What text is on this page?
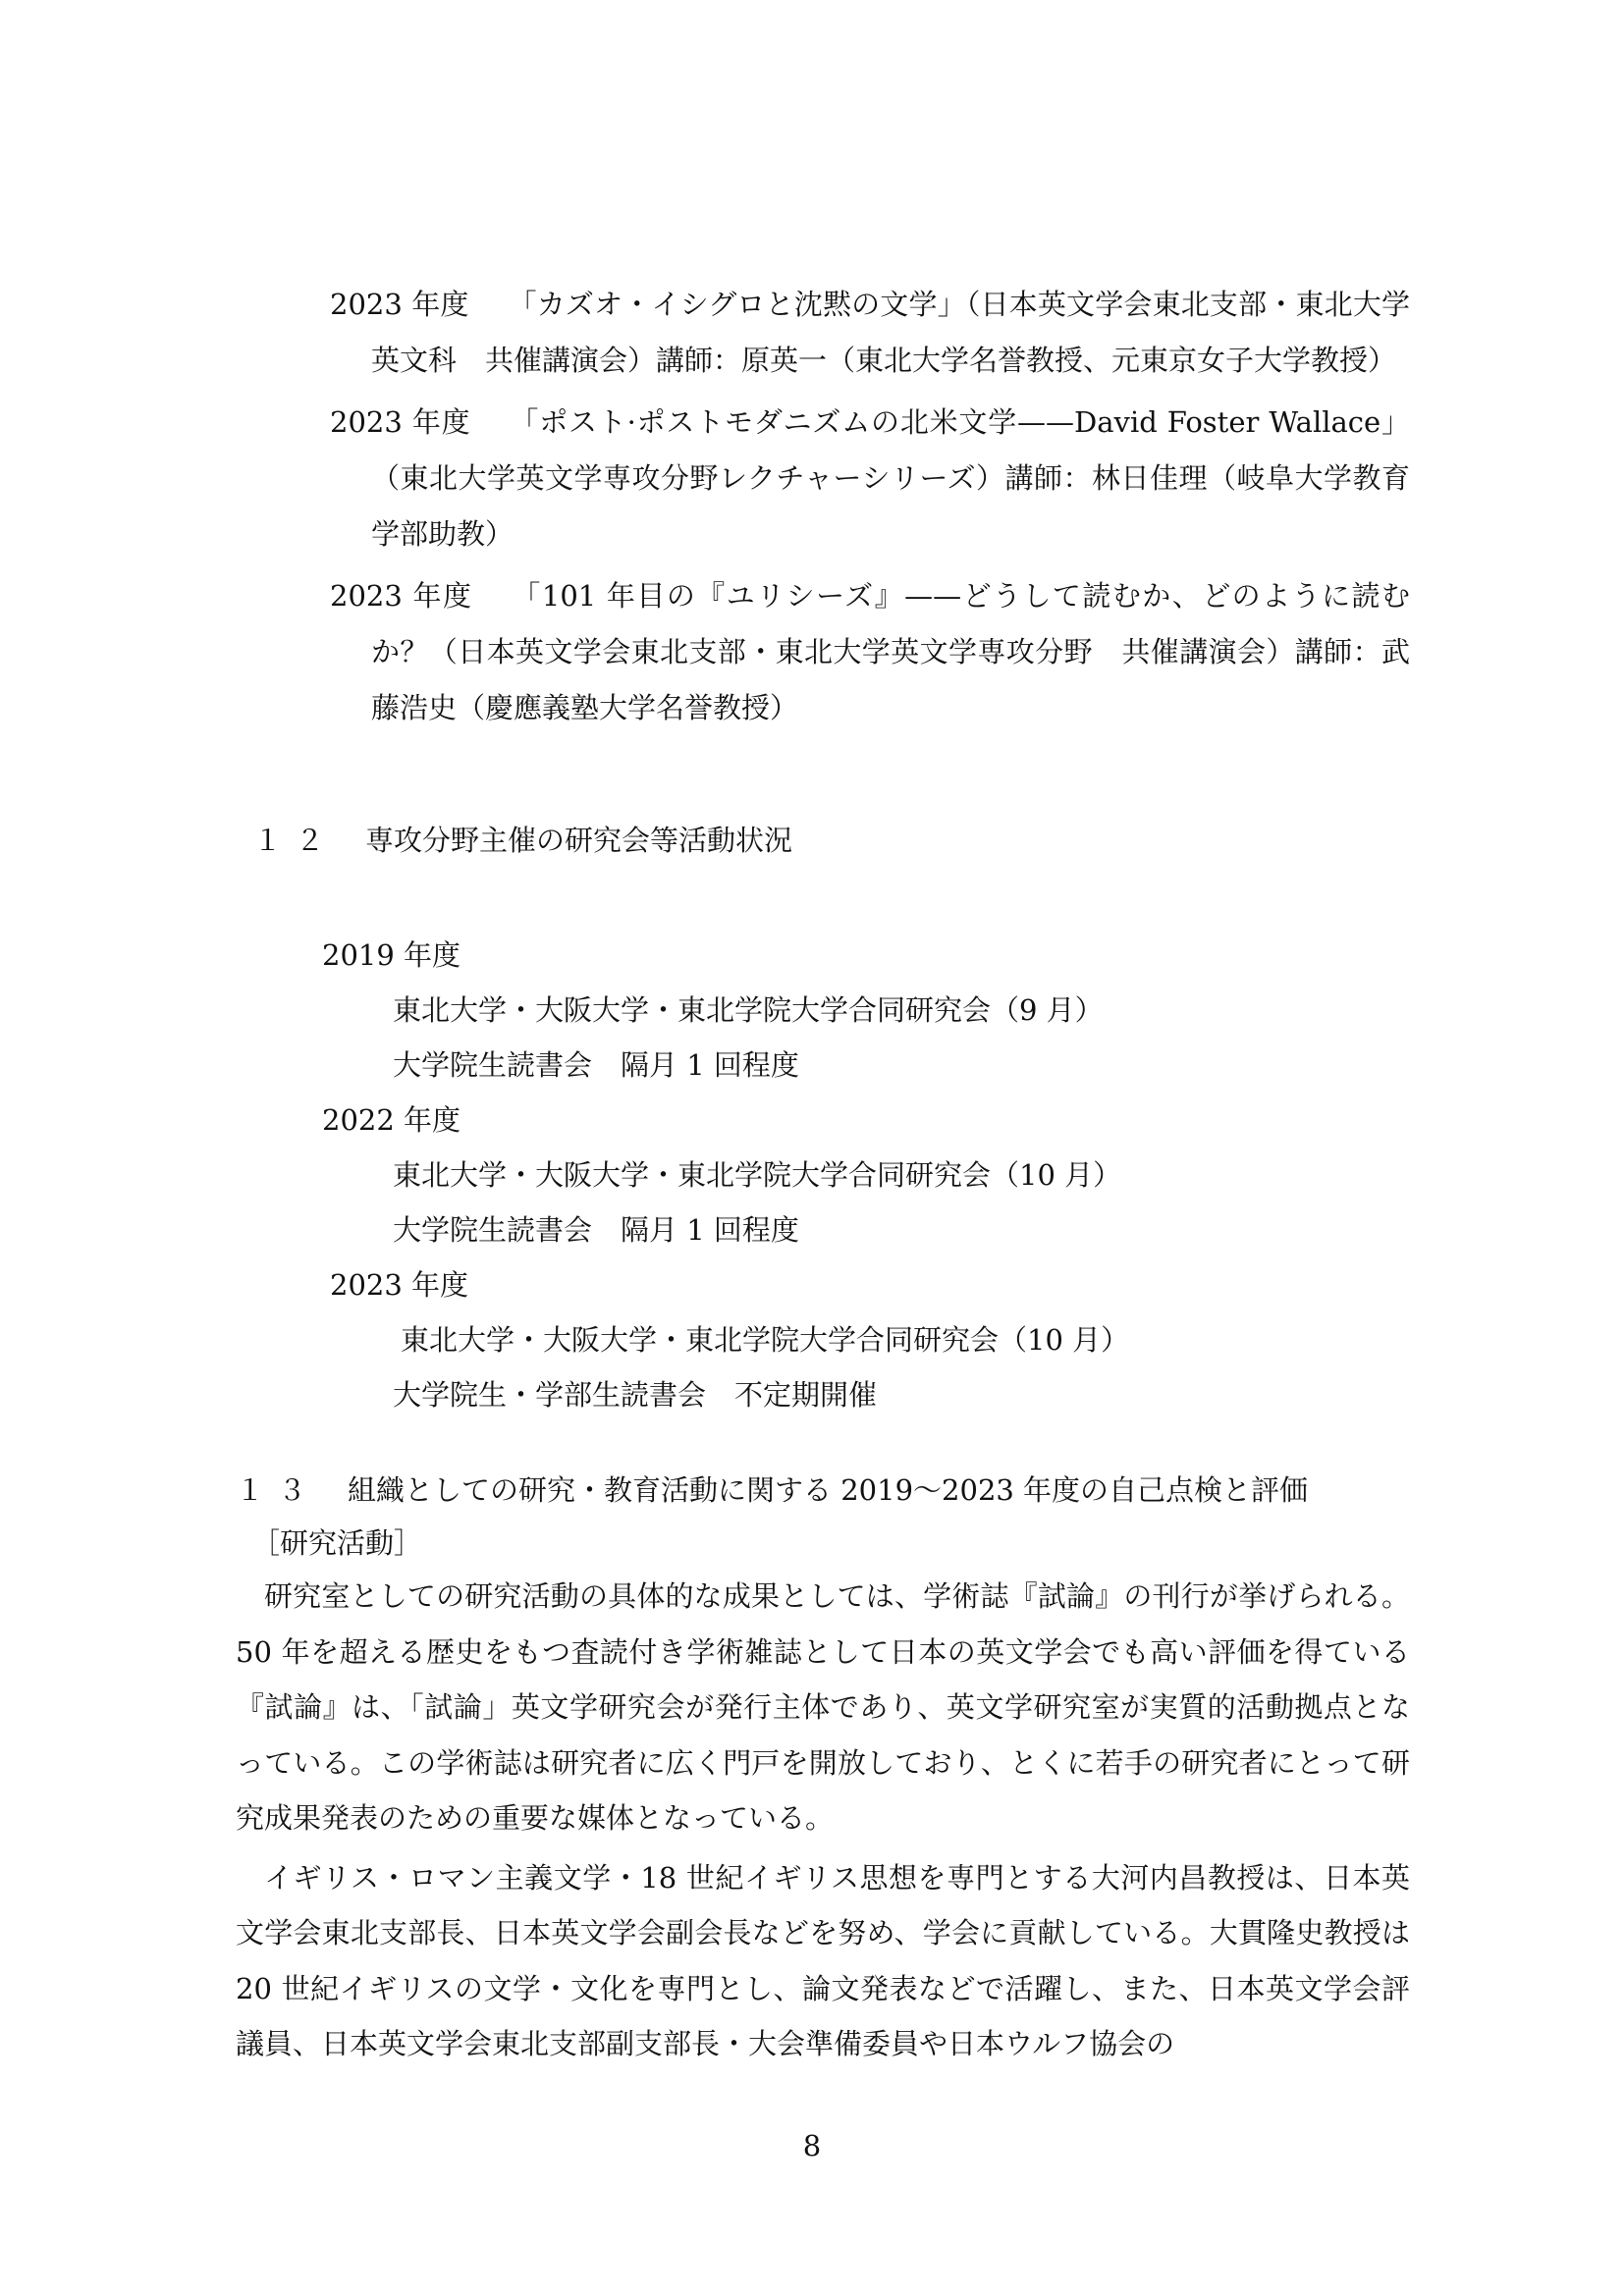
2023 年度 「カズオ・イシグロと沈黙の文学」（日本英文学会東北支部・東北大学英文科　共催講演会）講師：原英一（東北大学名誉教授、元東京女子大学教授）
2023 年度 「ポスト·ポストモダニズムの北米文学——David Foster Wallace」（東北大学英文学専攻分野レクチャーシリーズ）講師：林日佳理（岐阜大学教育学部助教）
2023 年度 「101 年目の『ユリシーズ』——どうして読むか、どのように読むか？（日本英文学会東北支部・東北大学英文学専攻分野　共催講演会）講師：武藤浩史（慶應義塾大学名誉教授）
１２ 専攻分野主催の研究会等活動状況
2019 年度
東北大学・大阪大学・東北学院大学合同研究会（9 月）
大学院生読書会　隔月 1 回程度
2022 年度
東北大学・大阪大学・東北学院大学合同研究会（10 月）
大学院生読書会　隔月 1 回程度
2023 年度
東北大学・大阪大学・東北学院大学合同研究会（10 月）
大学院生・学部生読書会　不定期開催
１３ 組織としての研究・教育活動に関する 2019～2023 年度の自己点検と評価
［研究活動］

研究室としての研究活動の具体的な成果としては、学術誌『試論』の刊行が挙げられる。50 年を超える歴史をもつ査読付き学術雑誌として日本の英文学会でも高い評価を得ている『試論』は、「試論」英文学研究会が発行主体であり、英文学研究室が実質的活動拠点となっている。この学術誌は研究者に広く門戸を開放しており、とくに若手の研究者にとって研究成果発表のための重要な媒体となっている。

イギリス・ロマン主義文学・18 世紀イギリス思想を専門とする大河内昌教授は、日本英文学会東北支部長、日本英文学会副会長などを努め、学会に貢献している。大貫隆史教授は 20 世紀イギリスの文学・文化を専門とし、論文発表などで活躍し、また、日本英文学会評議員、日本英文学会東北支部副支部長・大会準備委員や日本ウルフ協会の

8
